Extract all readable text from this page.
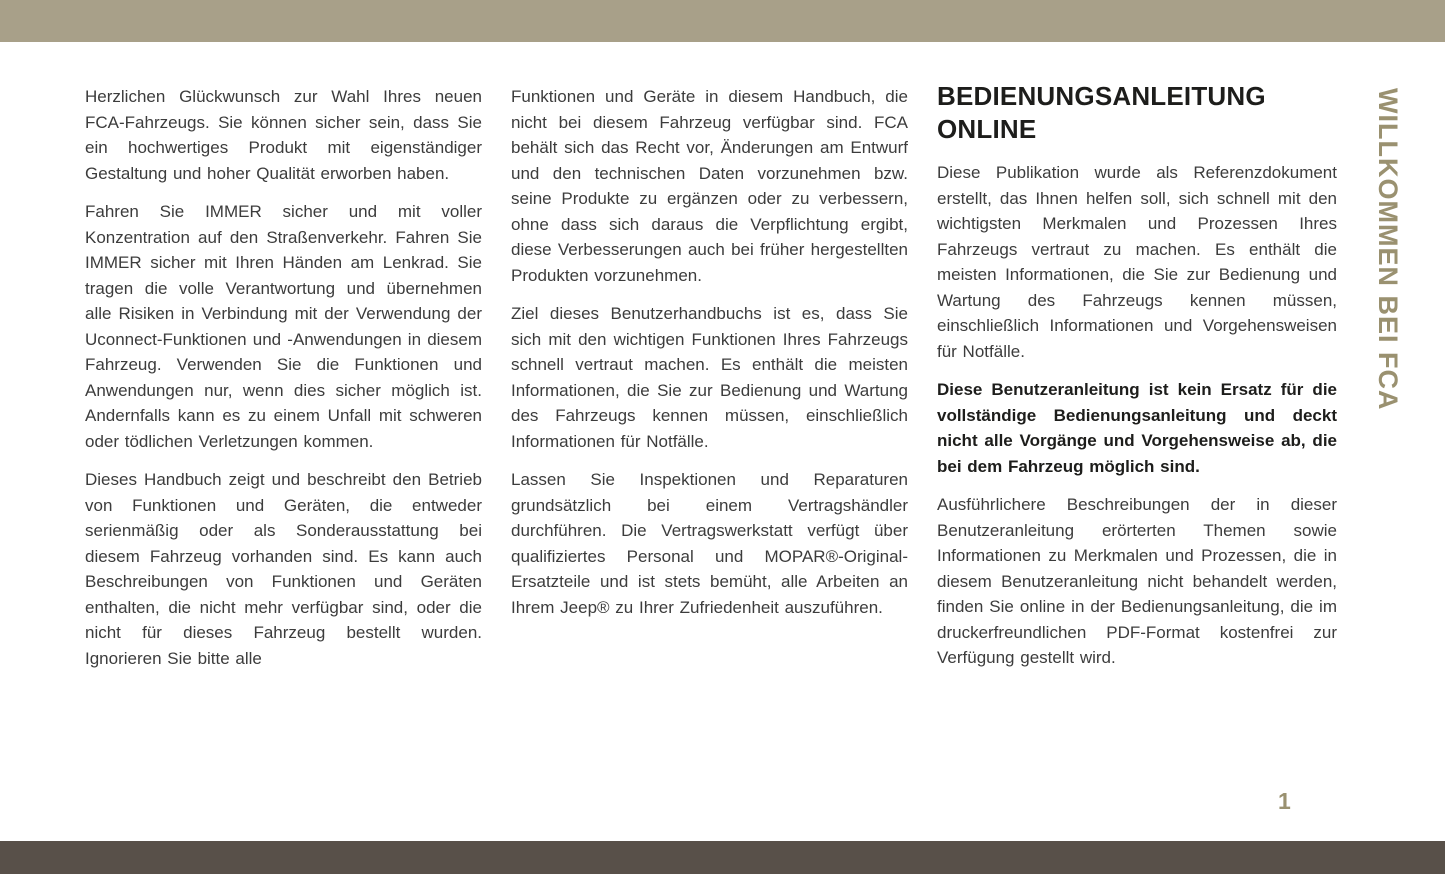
Herzlichen Glückwunsch zur Wahl Ihres neuen FCA-Fahrzeugs. Sie können sicher sein, dass Sie ein hochwertiges Produkt mit eigenständiger Gestaltung und hoher Qualität erworben haben.

Fahren Sie IMMER sicher und mit voller Konzentration auf den Straßenverkehr. Fahren Sie IMMER sicher mit Ihren Händen am Lenkrad. Sie tragen die volle Verantwortung und übernehmen alle Risiken in Verbindung mit der Verwendung der Uconnect-Funktionen und -Anwendungen in diesem Fahrzeug. Verwenden Sie die Funktionen und Anwendungen nur, wenn dies sicher möglich ist. Andernfalls kann es zu einem Unfall mit schweren oder tödlichen Verletzungen kommen.

Dieses Handbuch zeigt und beschreibt den Betrieb von Funktionen und Geräten, die entweder serienmäßig oder als Sonderausstattung bei diesem Fahrzeug vorhanden sind. Es kann auch Beschreibungen von Funktionen und Geräten enthalten, die nicht mehr verfügbar sind, oder die nicht für dieses Fahrzeug bestellt wurden. Ignorieren Sie bitte alle

Funktionen und Geräte in diesem Handbuch, die nicht bei diesem Fahrzeug verfügbar sind. FCA behält sich das Recht vor, Änderungen am Entwurf und den technischen Daten vorzunehmen bzw. seine Produkte zu ergänzen oder zu verbessern, ohne dass sich daraus die Verpflichtung ergibt, diese Verbesserungen auch bei früher hergestellten Produkten vorzunehmen.

Ziel dieses Benutzerhandbuchs ist es, dass Sie sich mit den wichtigen Funktionen Ihres Fahrzeugs schnell vertraut machen. Es enthält die meisten Informationen, die Sie zur Bedienung und Wartung des Fahrzeugs kennen müssen, einschließlich Informationen für Notfälle.

Lassen Sie Inspektionen und Reparaturen grundsätzlich bei einem Vertragshändler durchführen. Die Vertragswerkstatt verfügt über qualifiziertes Personal und MOPAR®-Original-Ersatzteile und ist stets bemüht, alle Arbeiten an Ihrem Jeep® zu Ihrer Zufriedenheit auszuführen.

BEDIENUNGSANLEITUNG ONLINE

Diese Publikation wurde als Referenzdokument erstellt, das Ihnen helfen soll, sich schnell mit den wichtigsten Merkmalen und Prozessen Ihres Fahrzeugs vertraut zu machen. Es enthält die meisten Informationen, die Sie zur Bedienung und Wartung des Fahrzeugs kennen müssen, einschließlich Informationen und Vorgehensweisen für Notfälle.

Diese Benutzeranleitung ist kein Ersatz für die vollständige Bedienungsanleitung und deckt nicht alle Vorgänge und Vorgehensweise ab, die bei dem Fahrzeug möglich sind.

Ausführlichere Beschreibungen der in dieser Benutzeranleitung erörterten Themen sowie Informationen zu Merkmalen und Prozessen, die in diesem Benutzeranleitung nicht behandelt werden, finden Sie online in der Bedienungsanleitung, die im druckerfreundlichen PDF-Format kostenfrei zur Verfügung gestellt wird.

WILLKOMMEN BEI FCA
1
